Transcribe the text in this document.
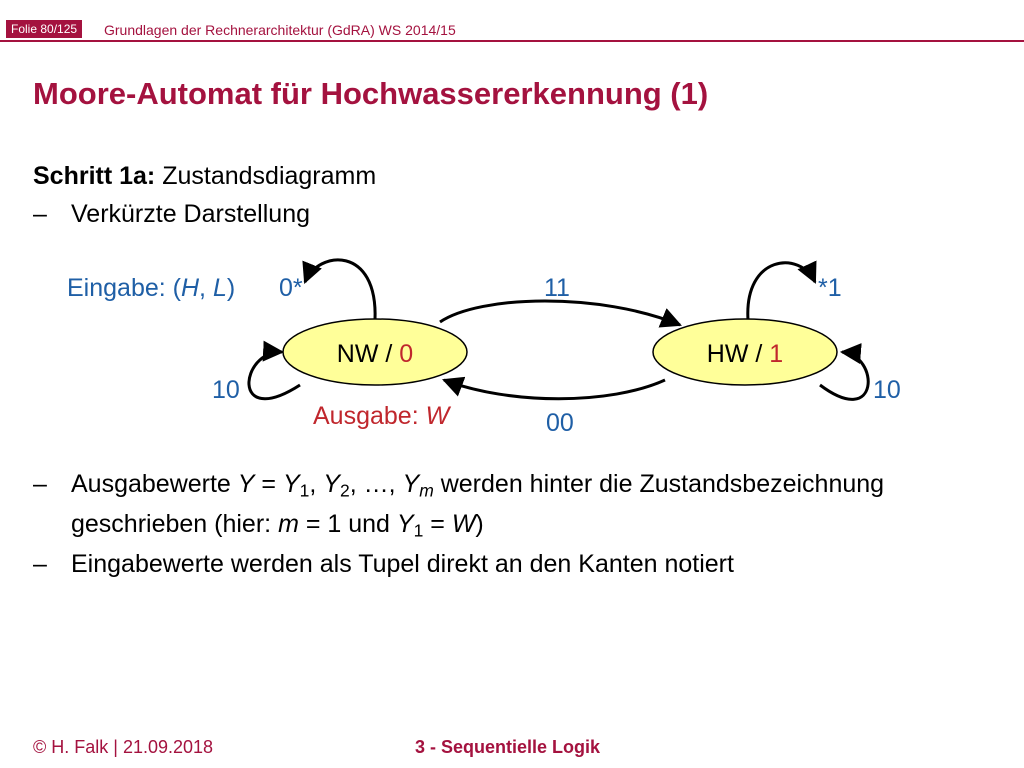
Folie 80/125	Grundlagen der Rechnerarchitektur (GdRA) WS 2014/15
Moore-Automat für Hochwassererkennung (1)
Schritt 1a: Zustandsdiagramm
– Verkürzte Darstellung
NW / 0	HW / 1
Eingabe: (H, L)
Ausgabe: W
0*
10
11
00
*1
10
– Ausgabewerte $Y = Y_1$, $Y_2$, …, $Y_m$ werden hinter die Zustandsbezeichnung
geschrieben (hier: m = 1 und $Y_1 = W$)
– Eingabewerte werden als Tupel direkt an den Kanten notiert
© H. Falk | 21.09.2018	3 - Sequentielle Logik
